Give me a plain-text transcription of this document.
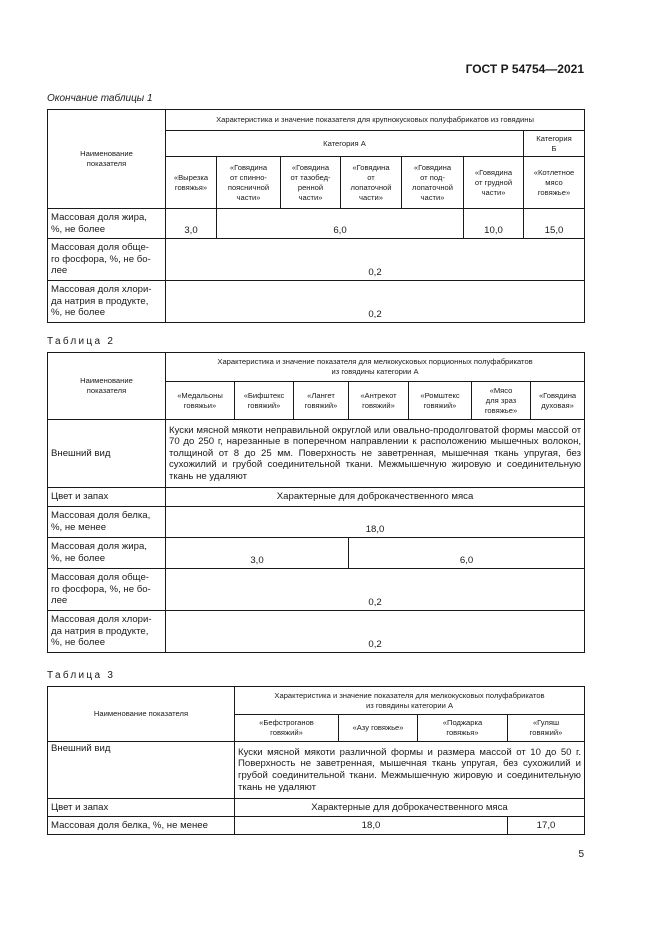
ГОСТ Р 54754—2021
Окончание таблицы 1
Наименование
показателя	Характеристика и значение показателя для крупнокусковых полуфабрикатов из говядины						
	Категория А						Категория
Б
	«Вырезка
говяжья»	«Говядина
от спинно-
поясничной
части»	«Говядина
от тазобед-
ренной
части»	«Говядина
от
лопаточной
части»	«Говядина
от под-
лопаточной
части»	«Говядина
от грудной
части»	«Котлетное
мясо
говяжье»
Массовая доля жира,
%, не более	3,0	6,0				10,0	15,0
Массовая доля обще-
го фосфора, %, не бо-
лее	0,2						
Массовая доля хлори-
да натрия в продукте,
%, не более	0,2						
Таблица 2
Наименование
показателя	Характеристика и значение показателя для мелкокусковых порционных полуфабрикатов
из говядины категории А						
	«Медальоны
говяжьи»	«Бифштекс
говяжий»	«Лангет
говяжий»	«Антрекот
говяжий»	«Ромштекс
говяжий»	«Мясо
для зраз
говяжье»	«Говядина
духовая»
Внешний вид	Куски мясной мякоти неправильной округлой или овально-продолговатой формы массой от 70 до 250 г, нарезанные в поперечном направлении к расположению мышечных волокон, толщиной от 8 до 25 мм. Поверхность не заветренная, мышечная ткань упругая, без сухожилий и грубой соединительной ткани. Межмышечную жировую и соединительную ткань не удаляют						
Цвет и запах	Характерные для доброкачественного мяса						
Массовая доля белка,
%, не менее	18,0						
Массовая доля жира,
%, не более	3,0			6,0			
Массовая доля обще-
го фосфора, %, не бо-
лее	0,2						
Массовая доля хлори-
да натрия в продукте,
%, не более	0,2						
Таблица 3
Наименование показателя	Характеристика и значение показателя для мелкокусковых полуфабрикатов
из говядины категории А			
	«Бефстроганов
говяжий»	«Азу говяжье»	«Поджарка
говяжья»	«Гуляш
говяжий»
Внешний вид	Куски мясной мякоти различной формы и размера массой от 10 до 50 г. Поверхность не заветренная, мышечная ткань упругая, без сухожилий и грубой соединительной ткани. Межмышечную жировую и соединительную ткань не удаляют			
Цвет и запах	Характерные для доброкачественного мяса			
Массовая доля белка, %, не менее	18,0			17,0
5
